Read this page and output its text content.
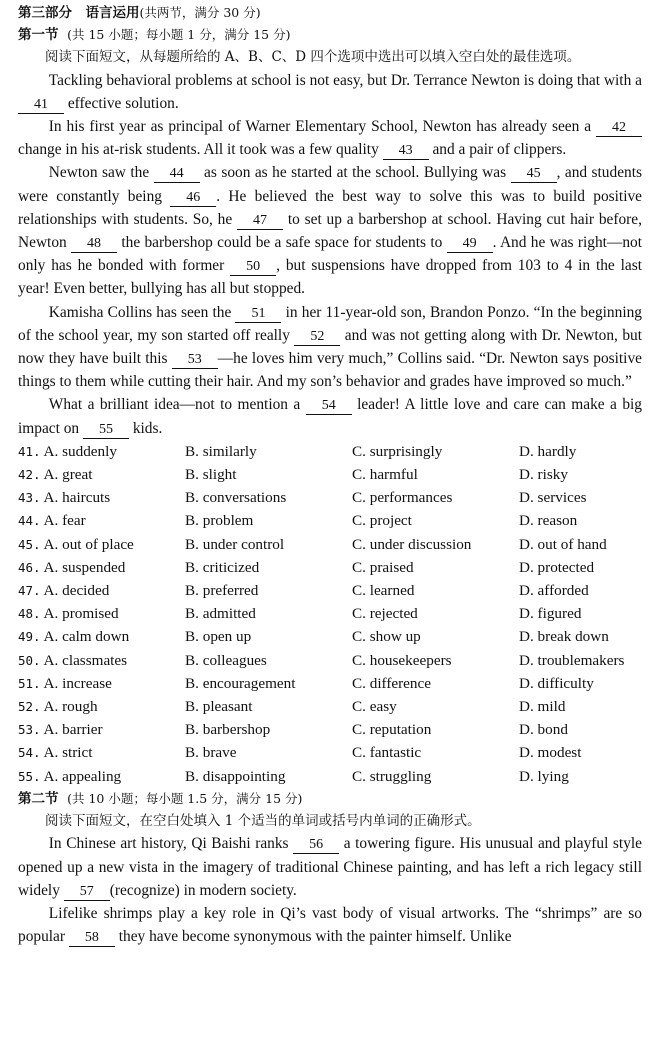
第三部分　语言运用(共两节，满分 30 分)
第一节 (共 15 小题；每小题 1 分，满分 15 分)

阅读下面短文，从每题所给的 A、B、C、D 四个选项中选出可以填入空白处的最佳选项。

Tackling behavioral problems at school is not easy, but Dr. Terrance Newton is doing that with a 41 effective solution.

In his first year as principal of Warner Elementary School, Newton has already seen a 42 change in his at-risk students. All it took was a few quality 43 and a pair of clippers.

Newton saw the 44 as soon as he started at the school. Bullying was 45 , and students were constantly being 46 . He believed the best way to solve this was to build positive relationships with students. So, he 47 to set up a barbershop at school. Having cut hair before, Newton 48 the barbershop could be a safe space for students to 49 . And he was right—not only has he bonded with former 50 , but suspensions have dropped from 103 to 4 in the last year! Even better, bullying has all but stopped.

Kamisha Collins has seen the 51 in her 11-year-old son, Brandon Ponzo. “In the beginning of the school year, my son started off really 52 and was not getting along with Dr. Newton, but now they have built this 53 —he loves him very much,” Collins said. “Dr. Newton says positive things to them while cutting their hair. And my son’s behavior and grades have improved so much.”

What a brilliant idea—not to mention a 54 leader! A little love and care can make a big impact on 55 kids.

41. A. suddenly	B. similarly	C. surprisingly	D. hardly
42. A. great	B. slight	C. harmful	D. risky
43. A. haircuts	B. conversations	C. performances	D. services
44. A. fear	B. problem	C. project	D. reason
45. A. out of place	B. under control	C. under discussion	D. out of hand
46. A. suspended	B. criticized	C. praised	D. protected
47. A. decided	B. preferred	C. learned	D. afforded
48. A. promised	B. admitted	C. rejected	D. figured
49. A. calm down	B. open up	C. show up	D. break down
50. A. classmates	B. colleagues	C. housekeepers	D. troublemakers
51. A. increase	B. encouragement	C. difference	D. difficulty
52. A. rough	B. pleasant	C. easy	D. mild
53. A. barrier	B. barbershop	C. reputation	D. bond
54. A. strict	B. brave	C. fantastic	D. modest
55. A. appealing	B. disappointing	C. struggling	D. lying
第二节 (共 10 小题；每小题 1.5 分，满分 15 分)

阅读下面短文，在空白处填入 1 个适当的单词或括号内单词的正确形式。

In Chinese art history, Qi Baishi ranks 56 a towering figure. His unusual and playful style opened up a new vista in the imagery of traditional Chinese painting, and has left a rich legacy still widely 57 (recognize) in modern society.

Lifelike shrimps play a key role in Qi’s vast body of visual artworks. The “shrimps” are so popular 58 they have become synonymous with the painter himself. Unlike
